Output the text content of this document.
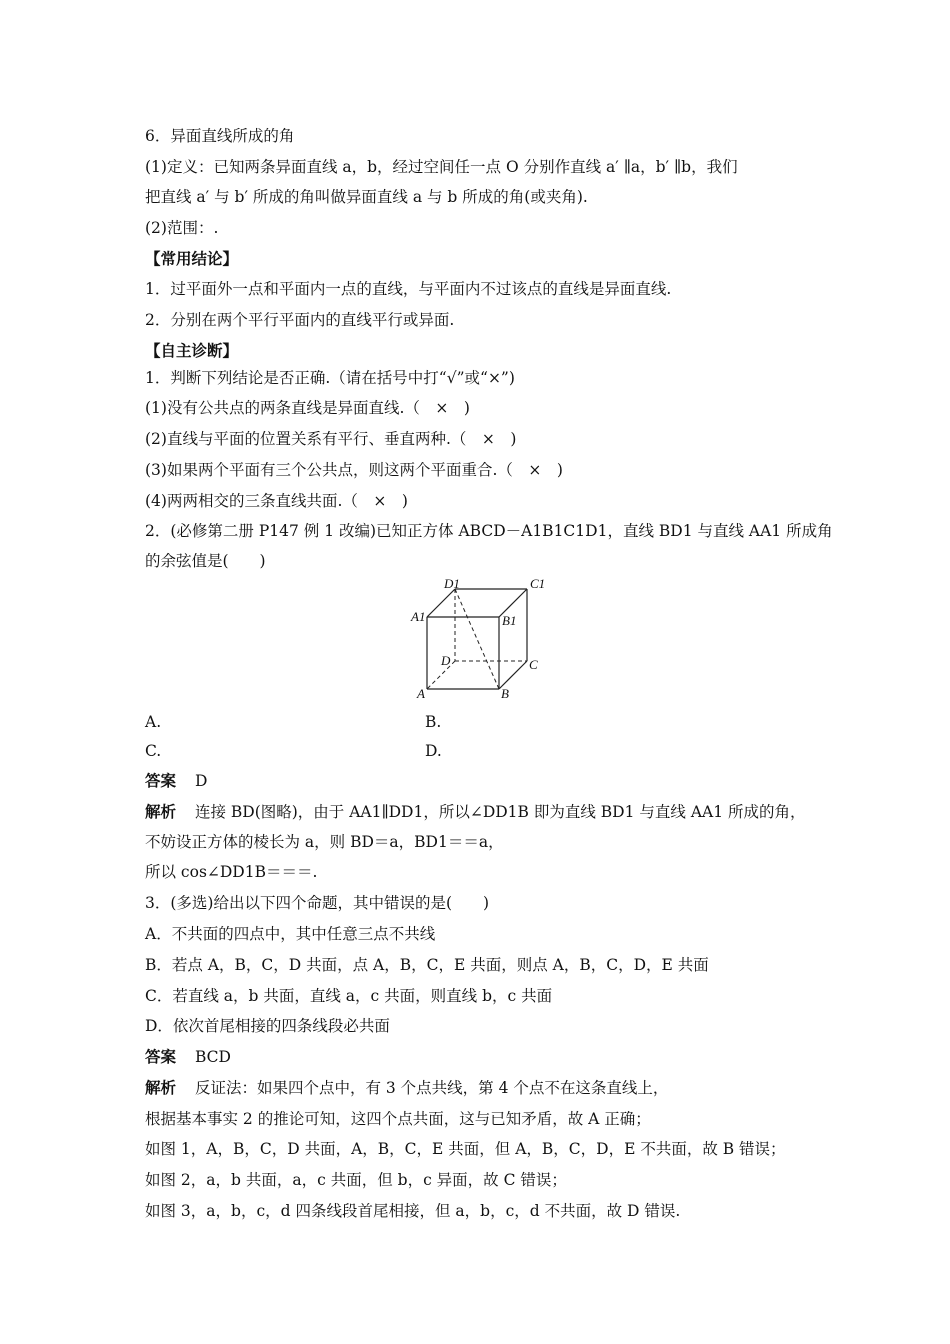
6．异面直线所成的角
(1)定义：已知两条异面直线 a，b，经过空间任一点 O 分别作直线 a′ ∥a，b′ ∥b，我们
把直线 a′ 与 b′ 所成的角叫做异面直线 a 与 b 所成的角(或夹角).
(2)范围：.
【常用结论】
1．过平面外一点和平面内一点的直线，与平面内不过该点的直线是异面直线.
2．分别在两个平行平面内的直线平行或异面.
【自主诊断】
1．判断下列结论是否正确.（请在括号中打“√”或“×”)
(1)没有公共点的两条直线是异面直线.（　×　)
(2)直线与平面的位置关系有平行、垂直两种.（　×　)
(3)如果两个平面有三个公共点，则这两个平面重合.（　×　)
(4)两两相交的三条直线共面.（　×　)
2．(必修第二册 P147 例 1 改编)已知正方体 ABCD－A1B1C1D1，直线 BD1 与直线 AA1 所成角
的余弦值是(　　)
D1	C1
A1	B1
D	C
A	B
A.	B.
C.	D.
答案 D
解析 连接 BD(图略)，由于 AA1∥DD1，所以∠DD1B 即为直线 BD1 与直线 AA1 所成的角，
不妨设正方体的棱长为 a，则 BD＝a，BD1＝＝a，
所以 cos∠DD1B＝＝＝.
3．(多选)给出以下四个命题，其中错误的是(　　)
A．不共面的四点中，其中任意三点不共线
B．若点 A，B，C，D 共面，点 A，B，C，E 共面，则点 A，B，C，D，E 共面
C．若直线 a，b 共面，直线 a，c 共面，则直线 b，c 共面
D．依次首尾相接的四条线段必共面
答案 BCD
解析 反证法：如果四个点中，有 3 个点共线，第 4 个点不在这条直线上，
根据基本事实 2 的推论可知，这四个点共面，这与已知矛盾，故 A 正确；
如图 1，A，B，C，D 共面，A，B，C，E 共面，但 A，B，C，D，E 不共面，故 B 错误；
如图 2，a，b 共面，a，c 共面，但 b，c 异面，故 C 错误；
如图 3，a，b，c，d 四条线段首尾相接，但 a，b，c，d 不共面，故 D 错误.
